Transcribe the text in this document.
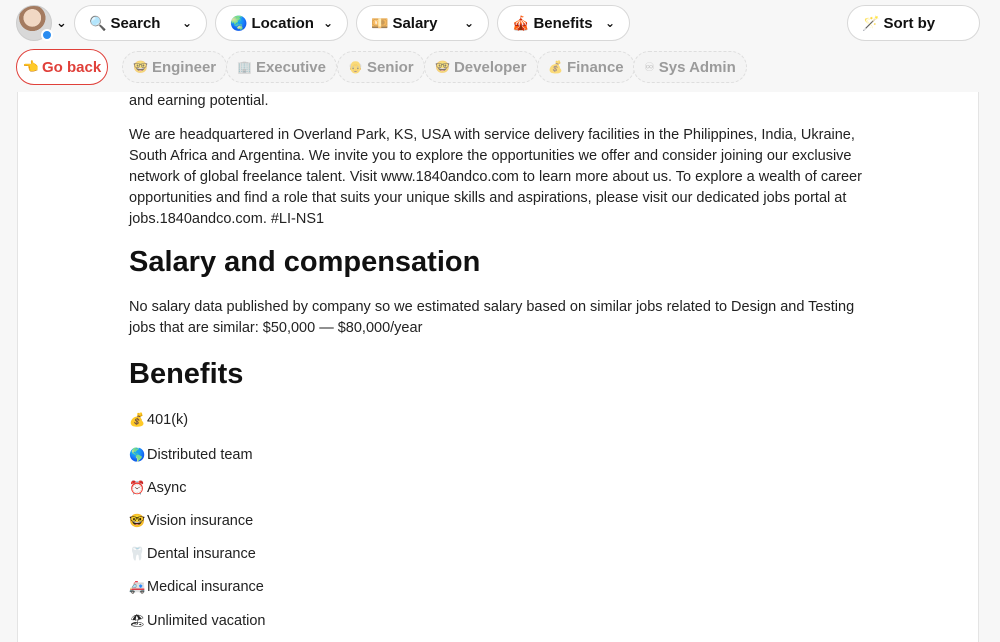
⌄ 🔍 Search ⌄	🌏 Location ⌄	💴 Salary ⌄	🎪 Benefits ⌄	🪄 Sort by
👈 Go back	🤓 Engineer 🏢 Executive 👴 Senior 🤓 Developer 💰 Finance ♾ Sys Admin

and earning potential.

We are headquartered in Overland Park, KS, USA with service delivery facilities in the Philippines, India, Ukraine, South Africa and Argentina. We invite you to explore the opportunities we offer and consider joining our exclusive network of global freelance talent. Visit www.1840andco.com to learn more about us. To explore a wealth of career opportunities and find a role that suits your unique skills and aspirations, please visit our dedicated jobs portal at jobs.1840andco.com. #LI-NS1

Salary and compensation

No salary data published by company so we estimated salary based on similar jobs related to Design and Testing jobs that are similar: $50,000 — $80,000/year

Benefits
💰 401(k)
🌎 Distributed team
⏰ Async
🤓 Vision insurance
🦷 Dental insurance
🚑 Medical insurance
🏖 Unlimited vacation
